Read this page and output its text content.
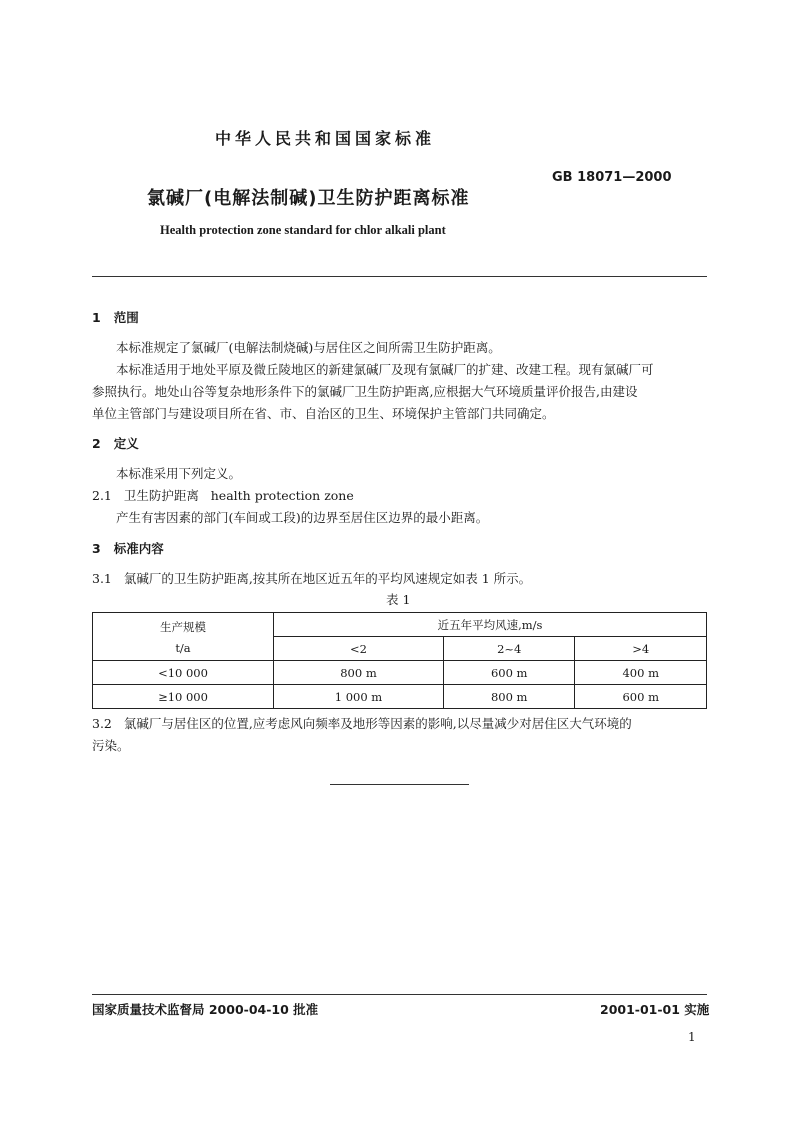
中华人民共和国国家标准
GB 18071—2000
氯碱厂(电解法制碱)卫生防护距离标准
Health protection zone standard for chlor alkali plant
1 范围
本标准规定了氯碱厂(电解法制烧碱)与居住区之间所需卫生防护距离。
本标准适用于地处平原及微丘陵地区的新建氯碱厂及现有氯碱厂的扩建、改建工程。现有氯碱厂可
参照执行。地处山谷等复杂地形条件下的氯碱厂卫生防护距离,应根据大气环境质量评价报告,由建设
单位主管部门与建设项目所在省、市、自治区的卫生、环境保护主管部门共同确定。
2 定义
本标准采用下列定义。
2.1 卫生防护距离 health protection zone
产生有害因素的部门(车间或工段)的边界至居住区边界的最小距离。
3 标准内容
3.1 氯碱厂的卫生防护距离,按其所在地区近五年的平均风速规定如表 1 所示。
表 1
生产规模
t/a	近五年平均风速,m/s		
	<2	2~4	>4
<10 000	800 m	600 m	400 m
≥10 000	1 000 m	800 m	600 m
3.2 氯碱厂与居住区的位置,应考虑风向频率及地形等因素的影响,以尽量减少对居住区大气环境的
污染。
国家质量技术监督局 2000-04-10 批准	2001-01-01 实施
1
